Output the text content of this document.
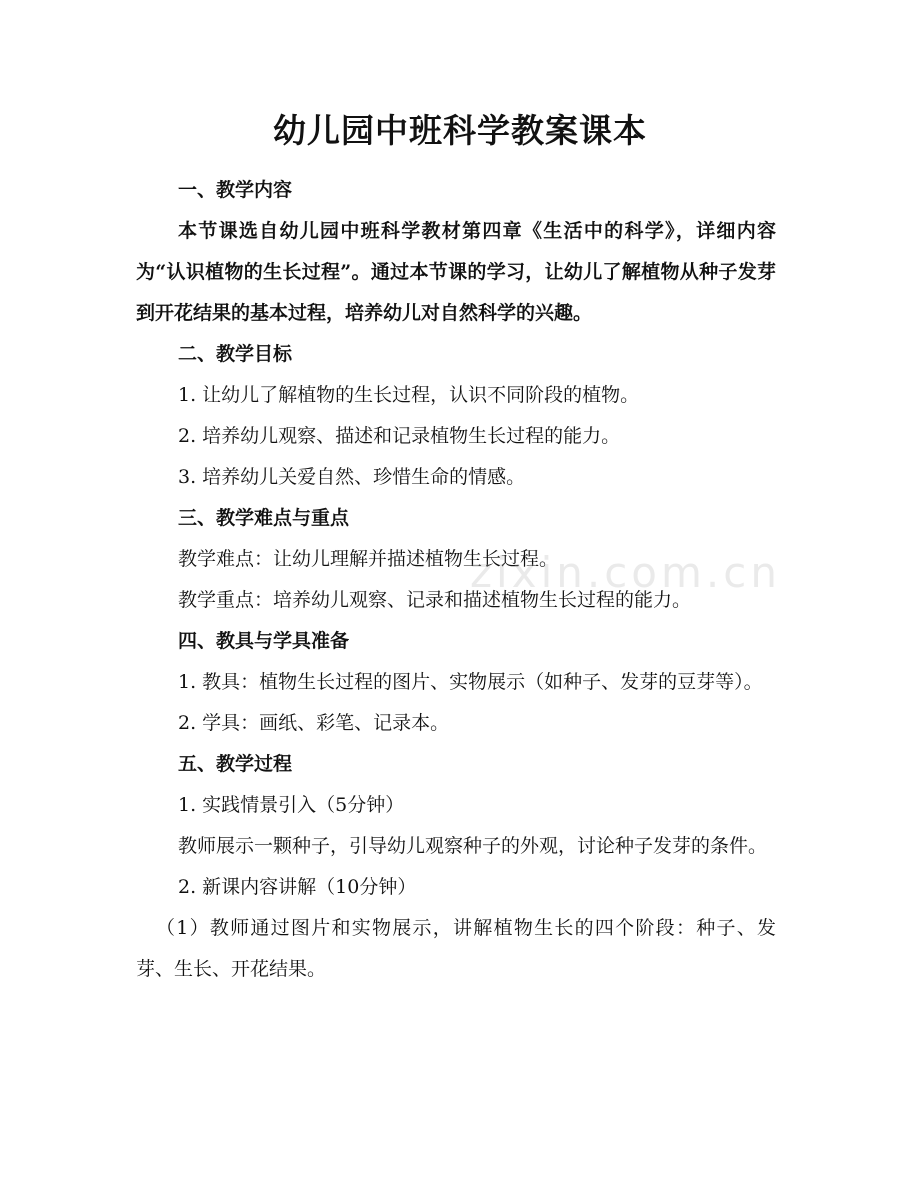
幼儿园中班科学教案课本

一、教学内容

本节课选自幼儿园中班科学教材第四章《生活中的科学》，详细内容为“认识植物的生长过程”。通过本节课的学习，让幼儿了解植物从种子发芽到开花结果的基本过程，培养幼儿对自然科学的兴趣。

二、教学目标

1. 让幼儿了解植物的生长过程，认识不同阶段的植物。

2. 培养幼儿观察、描述和记录植物生长过程的能力。

3. 培养幼儿关爱自然、珍惜生命的情感。

三、教学难点与重点

教学难点：让幼儿理解并描述植物生长过程。

教学重点：培养幼儿观察、记录和描述植物生长过程的能力。

四、教具与学具准备

1. 教具：植物生长过程的图片、实物展示（如种子、发芽的豆芽等）。

2. 学具：画纸、彩笔、记录本。

五、教学过程

1. 实践情景引入（5分钟）

教师展示一颗种子，引导幼儿观察种子的外观，讨论种子发芽的条件。

2. 新课内容讲解（10分钟）

（1）教师通过图片和实物展示，讲解植物生长的四个阶段：种子、发芽、生长、开花结果。

zixin.com.cn
